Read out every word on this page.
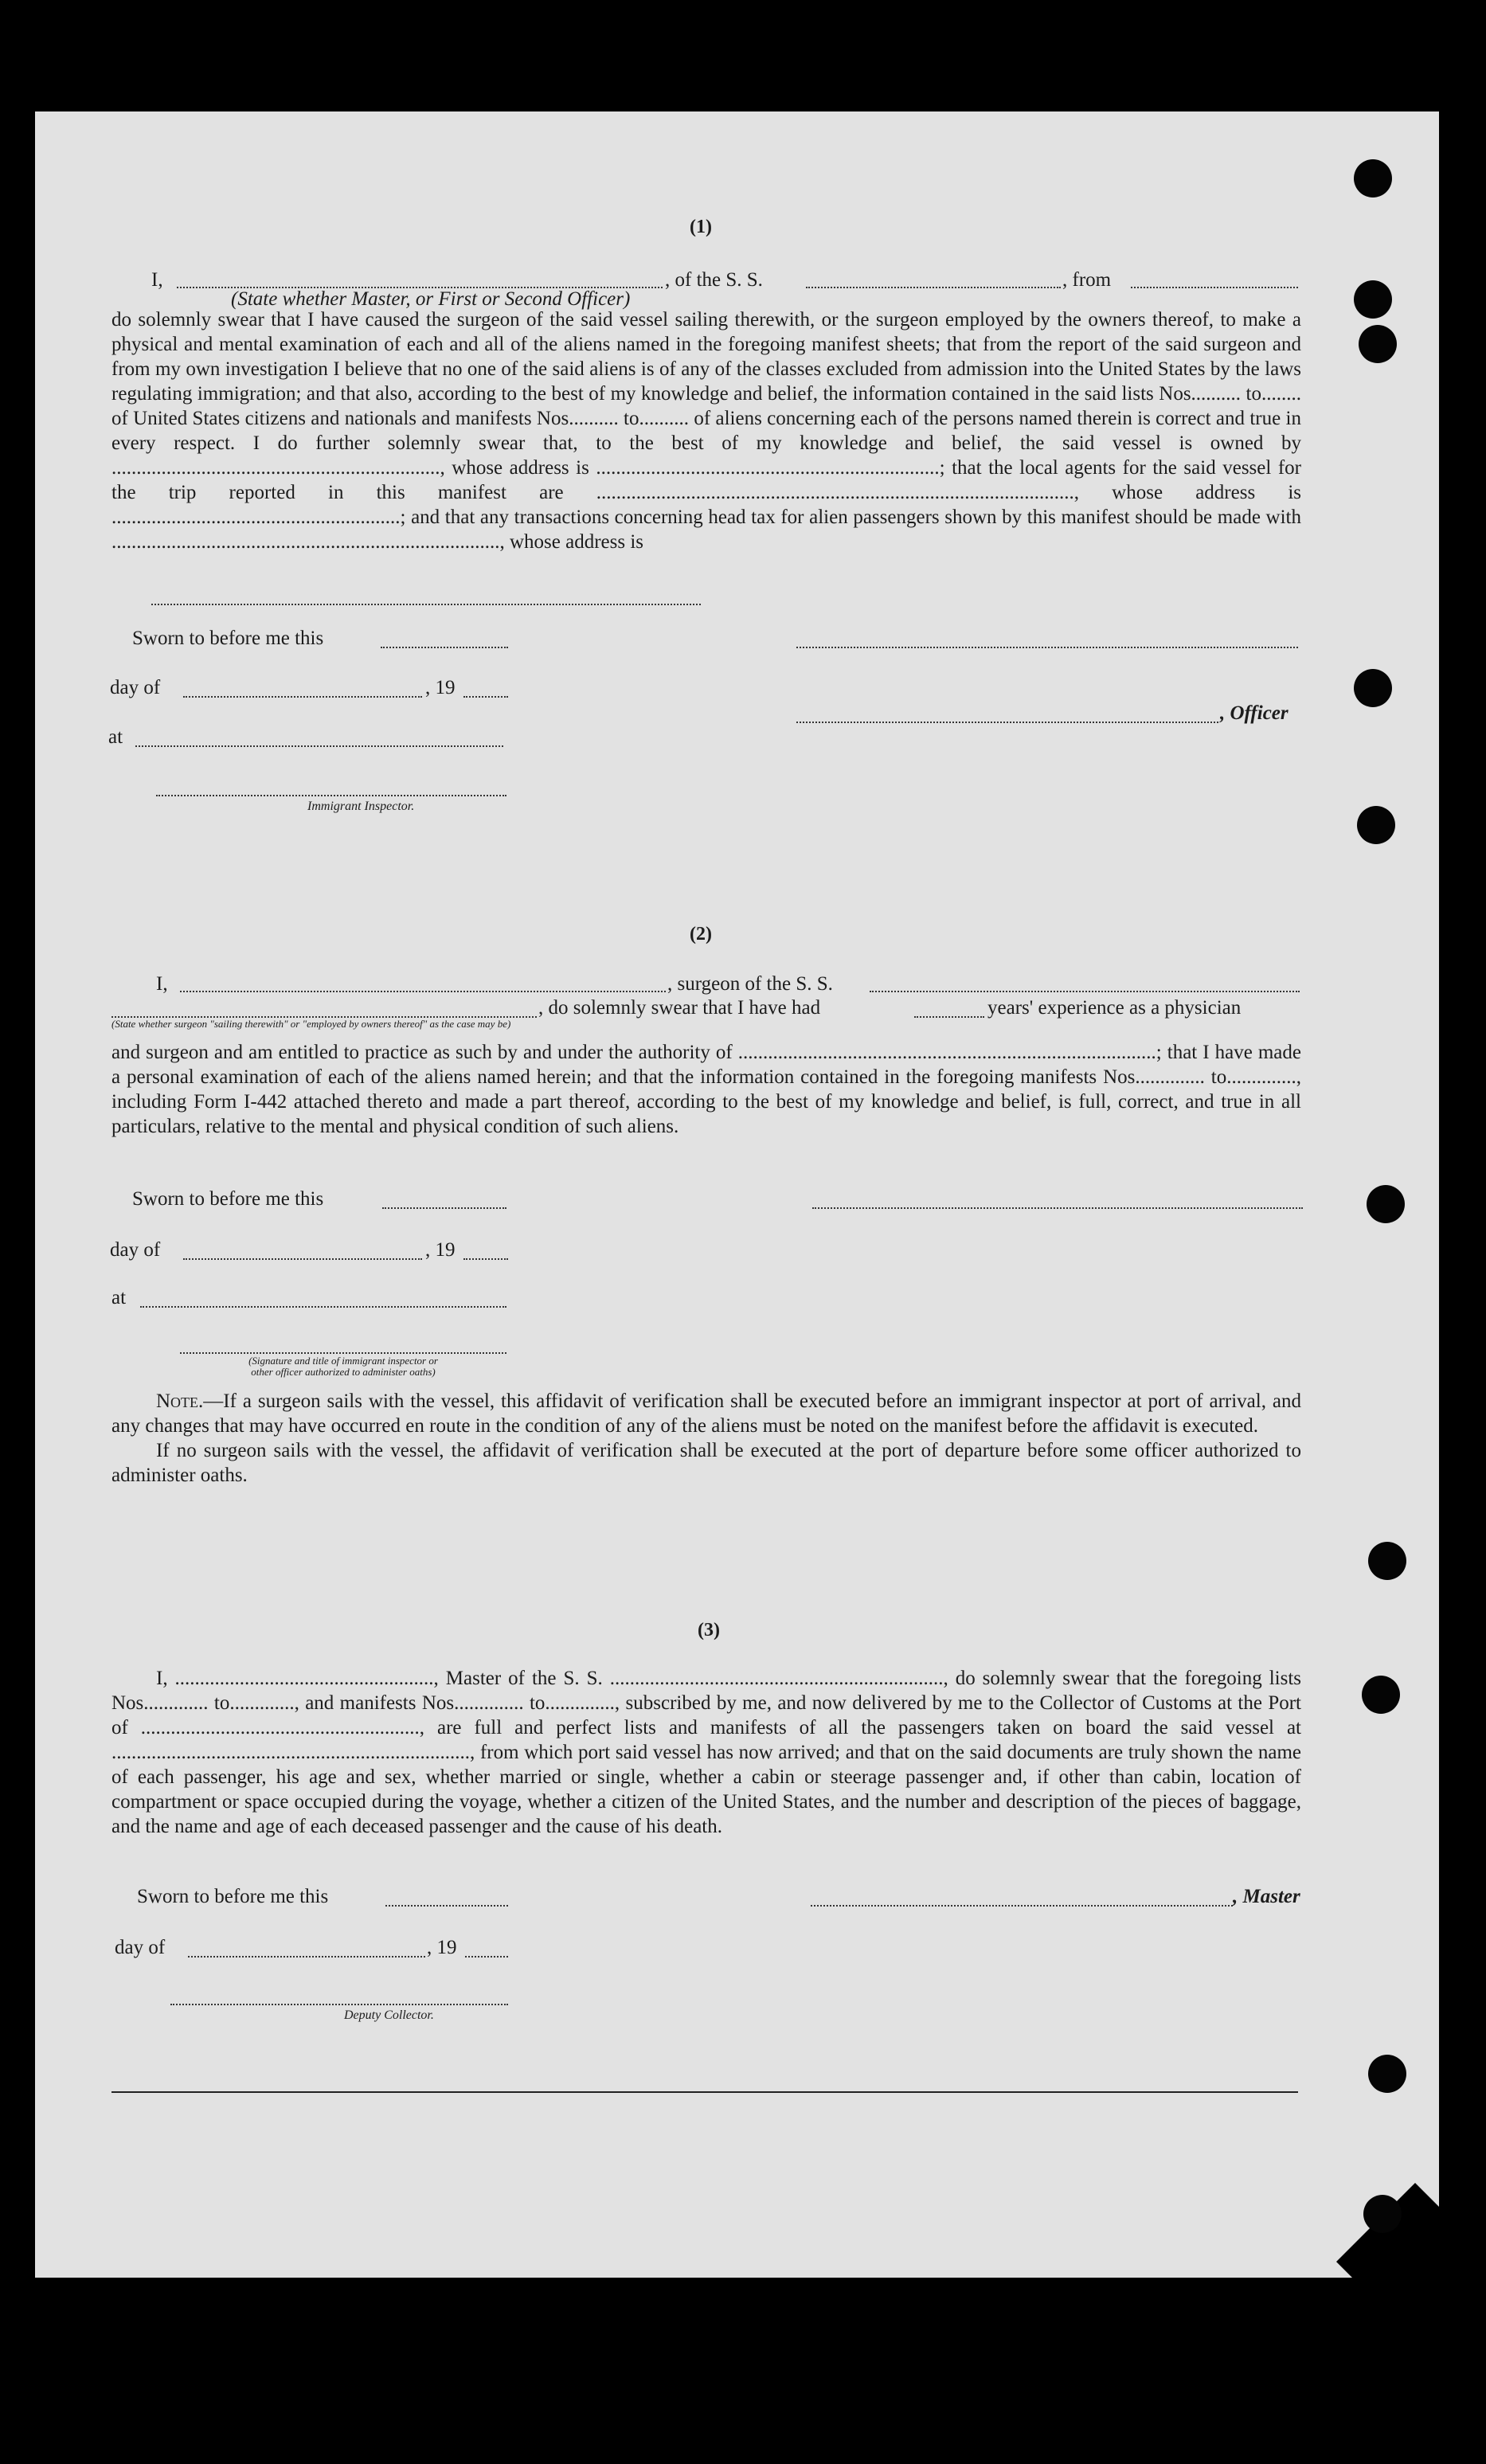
(1)
I,	, of the S. S.	, from
(State whether Master, or First or Second Officer)

do solemnly swear that I have caused the surgeon of the said vessel sailing therewith, or the surgeon employed by the owners thereof, to make a physical and mental examination of each and all of the aliens named in the foregoing manifest sheets; that from the report of the said surgeon and from my own investigation I believe that no one of the said aliens is of any of the classes excluded from admission into the United States by the laws regulating immigration; and that also, according to the best of my knowledge and belief, the information contained in the said lists Nos.......... to........ of United States citizens and nationals and manifests Nos.......... to.......... of aliens concerning each of the persons named therein is correct and true in every respect. I do further solemnly swear that, to the best of my knowledge and belief, the said vessel is owned by .................................................................., whose address is .....................................................................; that the local agents for the said vessel for the trip reported in this manifest are ................................................................................................, whose address is ..........................................................; and that any transactions concerning head tax for alien passengers shown by this manifest should be made with .............................................................................., whose address is

Sworn to before me this
day of	, 19
, Officer
at
Immigrant Inspector.
(2)
I,	, surgeon of the S. S.
, do solemnly swear that I have had	years' experience as a physician
(State whether surgeon "sailing therewith" or "employed by owners thereof" as the case may be)

and surgeon and am entitled to practice as such by and under the authority of ....................................................................................; that I have made a personal examination of each of the aliens named herein; and that the information contained in the foregoing manifests Nos.............. to.............., including Form I-442 attached thereto and made a part thereof, according to the best of my knowledge and belief, is full, correct, and true in all particulars, relative to the mental and physical condition of such aliens.

Sworn to before me this
day of	, 19
at
(Signature and title of immigrant inspector or
other officer authorized to administer oaths)

Note.—If a surgeon sails with the vessel, this affidavit of verification shall be executed before an immigrant inspector at port of arrival, and any changes that may have occurred en route in the condition of any of the aliens must be noted on the manifest before the affidavit is executed.

If no surgeon sails with the vessel, the affidavit of verification shall be executed at the port of departure before some officer authorized to administer oaths.

(3)

I, ...................................................., Master of the S. S. ..................................................................., do solemnly swear that the foregoing lists Nos............. to............., and manifests Nos.............. to.............., subscribed by me, and now delivered by me to the Collector of Customs at the Port of ........................................................, are full and perfect lists and manifests of all the passengers taken on board the said vessel at ........................................................................, from which port said vessel has now arrived; and that on the said documents are truly shown the name of each passenger, his age and sex, whether married or single, whether a cabin or steerage passenger and, if other than cabin, location of compartment or space occupied during the voyage, whether a citizen of the United States, and the number and description of the pieces of baggage, and the name and age of each deceased passenger and the cause of his death.

Sworn to before me this	, Master
day of	, 19
Deputy Collector.
